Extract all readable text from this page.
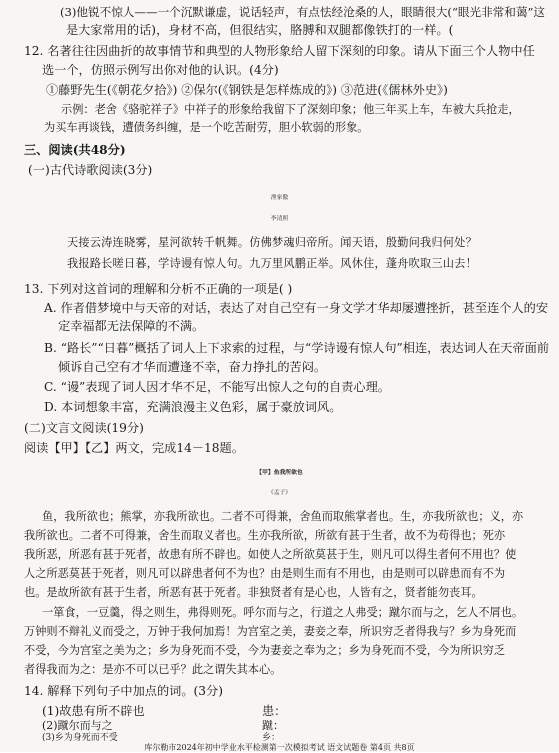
(3)他锐不惊人——一个沉默谦虚，说话轻声，有点怯经沧桑的人，眼睛很大(“眼光非常和蔼”这
是大家常用的话)，身材不高，但很结实，胳膊和双腿都像铁打的一样。(
12. 名著往往因曲折的故事情节和典型的人物形象给人留下深刻的印象。请从下面三个人物中任
选一个，仿照示例写出你对他的认识。(4分)
①藤野先生(《朝花夕拾》) ②保尔(《钢铁是怎样炼成的》) ③范进(《儒林外史》)
示例：老舍《骆驼祥子》中祥子的形象给我留下了深刻印象；他三年买上车，车被大兵抢走，
为买车再谈钱，遭债务纠缠，是一个吃苦耐劳，胆小软弱的形象。
三、阅读(共48分)
(一)古代诗歌阅读(3分)
渔家傲
李清照
天接云涛连晓雾，星河欲转千帆舞。仿佛梦魂归帝所。闻天语，殷勤问我归何处？
我报路长嗟日暮，学诗谩有惊人句。九万里风鹏正举。风休住，蓬舟吹取三山去！
13. 下列对这首词的理解和分析不正确的一项是( )
A. 作者借梦境中与天帝的对话，表达了对自己空有一身文学才华却屡遭挫折，甚至连个人的安
定幸福都无法保障的不满。
B. “路长”“日暮”概括了词人上下求索的过程，与“学诗谩有惊人句”相连，表达词人在天帝面前
倾诉自己空有才华而遭逢不幸，奋力挣扎的苦闷。
C. “谩”表现了词人因才华不足，不能写出惊人之句的自责心理。
D. 本词想象丰富，充满浪漫主义色彩，属于豪放词风。
(二)文言文阅读(19分)
阅读【甲】【乙】两文，完成14－18题。
【甲】鱼我所欲也
《孟子》
鱼，我所欲也；熊掌，亦我所欲也。二者不可得兼，舍鱼而取熊掌者也。生，亦我所欲也；义，亦
我所欲也。二者不可得兼，舍生而取义者也。生亦我所欲，所欲有甚于生者，故不为苟得也；死亦
我所恶，所恶有甚于死者，故患有所不辟也。如使人之所欲莫甚于生，则凡可以得生者何不用也？使
人之所恶莫甚于死者，则凡可以辟患者何不为也？由是则生而有不用也，由是则可以辟患而有不为
也。是故所欲有甚于生者，所恶有甚于死者。非独贤者有是心也，人皆有之，贤者能勿丧耳。
一箪食，一豆羹，得之则生，弗得则死。呼尔而与之，行道之人弗受；蹴尔而与之，乞人不屑也。
万钟则不辩礼义而受之，万钟于我何加焉！为宫室之美，妻妾之奉，所识穷乏者得我与？乡为身死而
不受，今为宫室之美为之；乡为身死而不受，今为妻妾之奉为之；乡为身死而不受，今为所识穷乏
者得我而为之：是亦不可以已乎？此之谓失其本心。
14. 解释下列句子中加点的词。(3分)
(1)故患有所不辟也	患：
(2)蹴尔而与之	蹴：
(3)乡为身死而不受	乡：
库尔勒市2024年初中学业水平检测第一次模拟考试 语文试题卷 第4页 共8页
